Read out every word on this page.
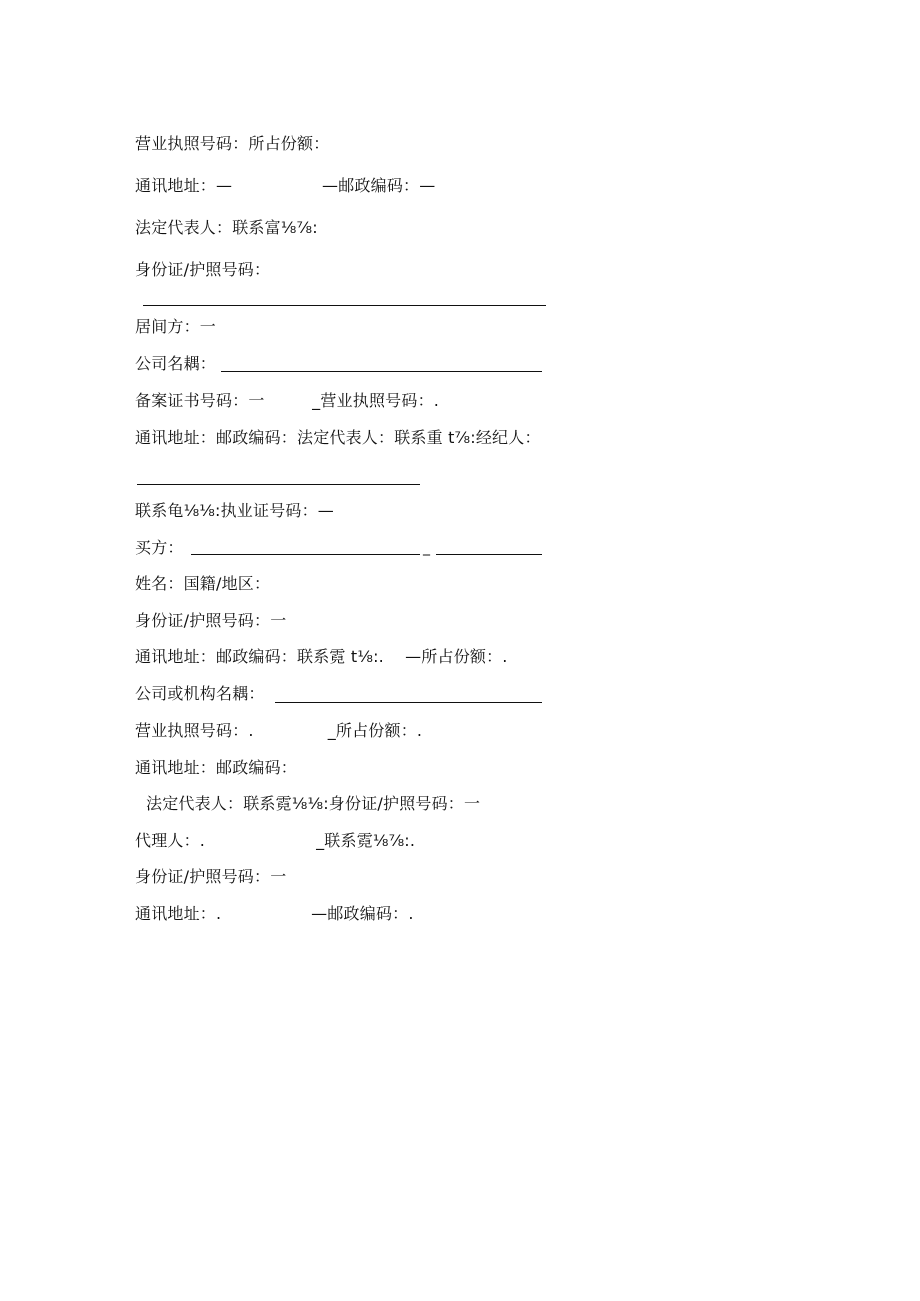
营业执照号码：所占份额：
通讯地址：—                 —邮政编码：—
法定代表人：联系富⅛⅞:
身份证/护照号码：
居间方：一
公司名耦：
备案证书号码：一         _营业执照号码：.
通讯地址：邮政编码：法定代表人：联系重 t⅞:经纪人：
联系龟⅛⅛:执业证号码：—
买方：	_
姓名：国籍/地区：
身份证/护照号码：一
通讯地址：邮政编码：联系霓 t⅛:.    —所占份额：.
公司或机构名耦：
营业执照号码：.              _所占份额：.
通讯地址：邮政编码：
法定代表人：联系霓⅛⅛:身份证/护照号码：一
代理人：.                     _联系霓⅛⅞:.
身份证/护照号码：一
通讯地址：.                 —邮政编码：.
